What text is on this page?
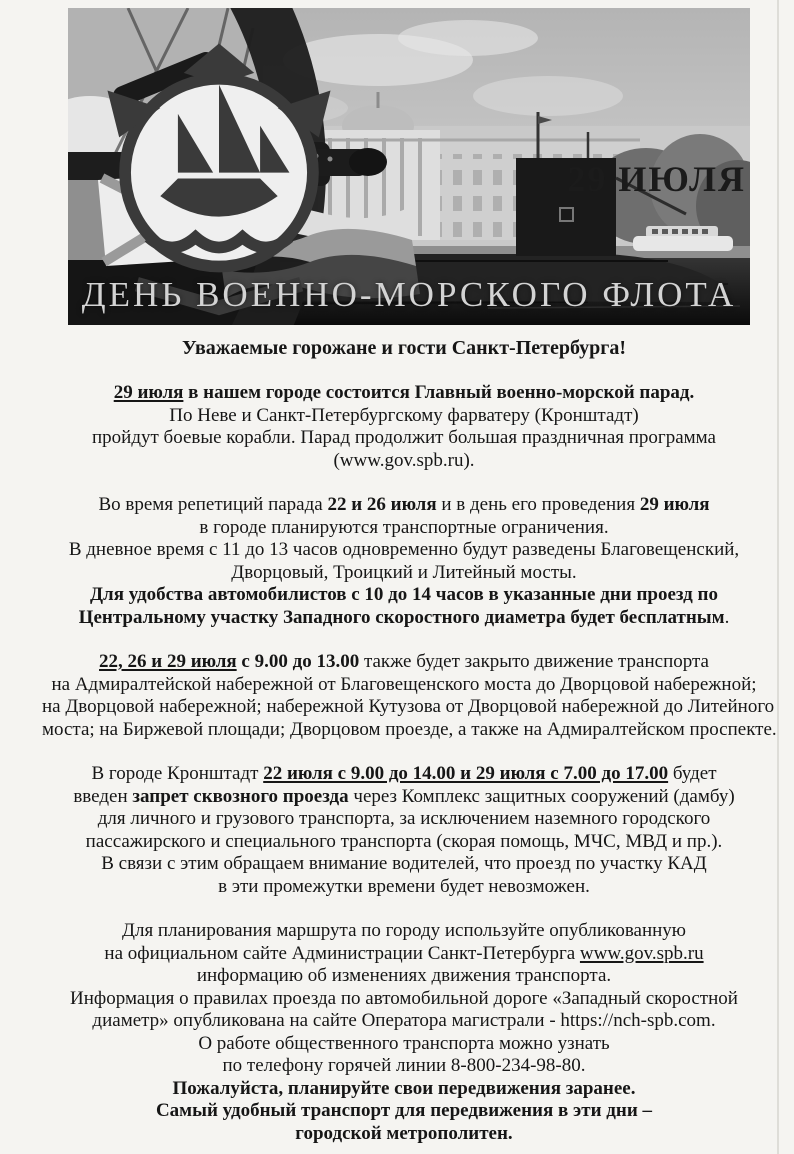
29 ИЮЛЯ
ДЕНЬ ВОЕННО-МОРСКОГО ФЛОТА
Уважаемые горожане и гости Санкт-Петербурга!
29 июля в нашем городе состоится Главный военно-морской парад.
По Неве и Санкт-Петербургскому фарватеру (Кронштадт)
пройдут боевые корабли. Парад продолжит большая праздничная программа
(www.gov.spb.ru).
Во время репетиций парада 22 и 26 июля и в день его проведения 29 июля
в городе планируются транспортные ограничения.
В дневное время с 11 до 13 часов одновременно будут разведены Благовещенский,
Дворцовый, Троицкий и Литейный мосты.
Для удобства автомобилистов с 10 до 14 часов в указанные дни проезд по
Центральному участку Западного скоростного диаметра будет бесплатным.
22, 26 и 29 июля с 9.00 до 13.00 также будет закрыто движение транспорта
на Адмиралтейской набережной от Благовещенского моста до Дворцовой набережной;
на Дворцовой набережной; набережной Кутузова от Дворцовой набережной до Литейного
моста; на Биржевой площади; Дворцовом проезде, а также на Адмиралтейском проспекте.
В городе Кронштадт 22 июля с 9.00 до 14.00 и 29 июля с 7.00 до 17.00 будет
введен запрет сквозного проезда через Комплекс защитных сооружений (дамбу)
для личного и грузового транспорта, за исключением наземного городского
пассажирского и специального транспорта (скорая помощь, МЧС, МВД и пр.).
В связи с этим обращаем внимание водителей, что проезд по участку КАД
в эти промежутки времени будет невозможен.
Для планирования маршрута по городу используйте опубликованную
на официальном сайте Администрации Санкт-Петербурга www.gov.spb.ru
информацию об изменениях движения транспорта.
Информация о правилах проезда по автомобильной дороге «Западный скоростной
диаметр» опубликована на сайте Оператора магистрали - https://nch-spb.com.
О работе общественного транспорта можно узнать
по телефону горячей линии 8-800-234-98-80.
Пожалуйста, планируйте свои передвижения заранее.
Самый удобный транспорт для передвижения в эти дни –
городской метрополитен.
